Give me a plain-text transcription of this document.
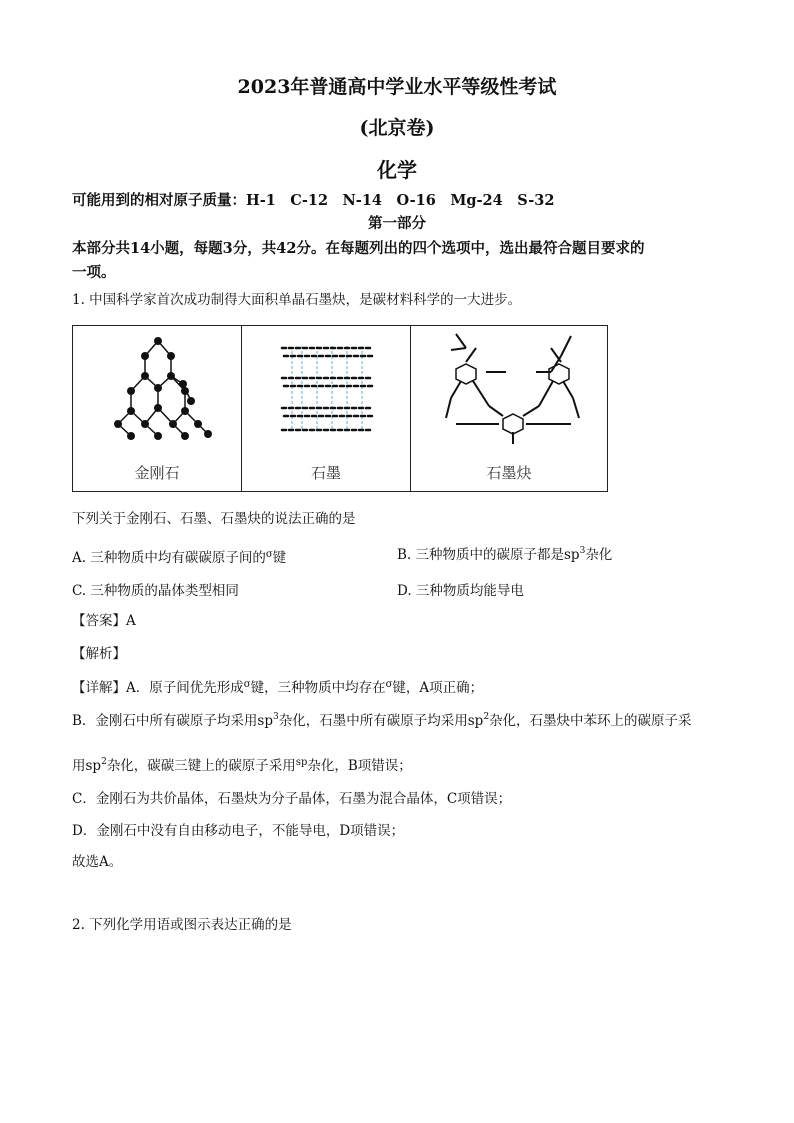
2023年普通高中学业水平等级性考试
(北京卷)
化学
可能用到的相对原子质量：H-1　C-12　N-14　O-16　Mg-24　S-32
第一部分
本部分共14小题，每题3分，共42分。在每题列出的四个选项中，选出最符合题目要求的
一项。
1. 中国科学家首次成功制得大面积单晶石墨炔，是碳材料科学的一大进步。
金刚石	石墨	石墨炔
下列关于金刚石、石墨、石墨炔的说法正确的是
A. 三种物质中均有碳碳原子间的$^\sigma$键	B. 三种物质中的碳原子都是$sp^3$杂化
C. 三种物质的晶体类型相同	D. 三种物质均能导电
【答案】A
【解析】
【详解】A．原子间优先形成$^\sigma$键，三种物质中均存在$^\sigma$键，A项正确；
B．金刚石中所有碳原子均采用$sp^3$杂化，石墨中所有碳原子均采用$sp^2$杂化，石墨炔中苯环上的碳原子采
用$sp^2$杂化，碳碳三键上的碳原子采用$^{sp}$杂化，B项错误；
C．金刚石为共价晶体，石墨炔为分子晶体，石墨为混合晶体，C项错误；
D．金刚石中没有自由移动电子，不能导电，D项错误；
故选A。
2. 下列化学用语或图示表达正确的是
